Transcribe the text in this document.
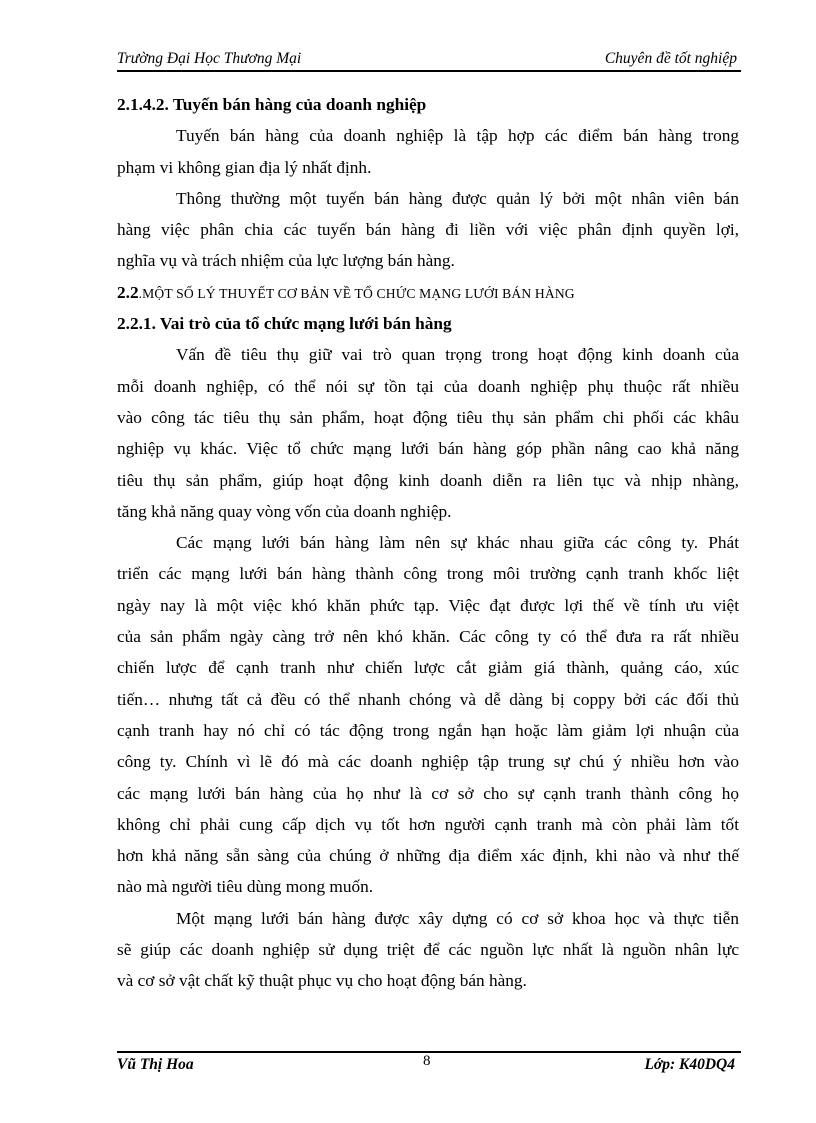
Trường Đại Học Thương Mại	Chuyên đề tốt nghiệp
2.1.4.2. Tuyến bán hàng của doanh nghiệp
Tuyến bán hàng của doanh nghiệp là tập hợp các điểm bán hàng trong
phạm vi không gian địa lý nhất định.
Thông thường một tuyến bán hàng được quản lý bởi một nhân viên bán
hàng việc phân chia các tuyến bán hàng đi liền với việc phân định quyền lợi,
nghĩa vụ và trách nhiệm của lực lượng bán hàng.
2.2.MỘT SỐ LÝ THUYẾT CƠ BẢN VỀ TỔ CHỨC MẠNG LƯỚI BÁN HÀNG
2.2.1. Vai trò của tổ chức mạng lưới bán hàng
Vấn đề tiêu thụ giữ vai trò quan trọng trong hoạt động kinh doanh của
mỗi doanh nghiệp, có thể nói sự tồn tại của doanh nghiệp phụ thuộc rất nhiều
vào công tác tiêu thụ sản phẩm, hoạt động tiêu thụ sản phẩm chi phối các khâu
nghiệp vụ khác. Việc tổ chức mạng lưới bán hàng góp phần nâng cao khả năng
tiêu thụ sản phẩm, giúp hoạt động kinh doanh diễn ra liên tục và nhịp nhàng,
tăng khả năng quay vòng vốn của doanh nghiệp.
Các mạng lưới bán hàng làm nên sự khác nhau giữa các công ty. Phát
triển các mạng lưới bán hàng thành công trong môi trường cạnh tranh khốc liệt
ngày nay là một việc khó khăn phức tạp. Việc đạt được lợi thế về tính ưu việt
của sản phẩm ngày càng trở nên khó khăn. Các công ty có thể đưa ra rất nhiều
chiến lược để cạnh tranh như chiến lược cắt giảm giá thành, quảng cáo, xúc
tiến… nhưng tất cả đều có thể nhanh chóng và dễ dàng bị coppy bởi các đối thủ
cạnh tranh hay nó chỉ có tác động trong ngắn hạn hoặc làm giảm lợi nhuận của
công ty. Chính vì lẽ đó mà các doanh nghiệp tập trung sự chú ý nhiều hơn vào
các mạng lưới bán hàng của họ như là cơ sở cho sự cạnh tranh thành công họ
không chỉ phải cung cấp dịch vụ tốt hơn người cạnh tranh mà còn phải làm tốt
hơn khả năng sẵn sàng của chúng ở những địa điểm xác định, khi nào và như thế
nào mà người tiêu dùng mong muốn.
Một mạng lưới bán hàng được xây dựng có cơ sở khoa học và thực tiễn
sẽ giúp các doanh nghiệp sử dụng triệt để các nguồn lực nhất là nguồn nhân lực
và cơ sở vật chất kỹ thuật phục vụ cho hoạt động bán hàng.
Vũ Thị Hoa	8	Lớp: K40DQ4
